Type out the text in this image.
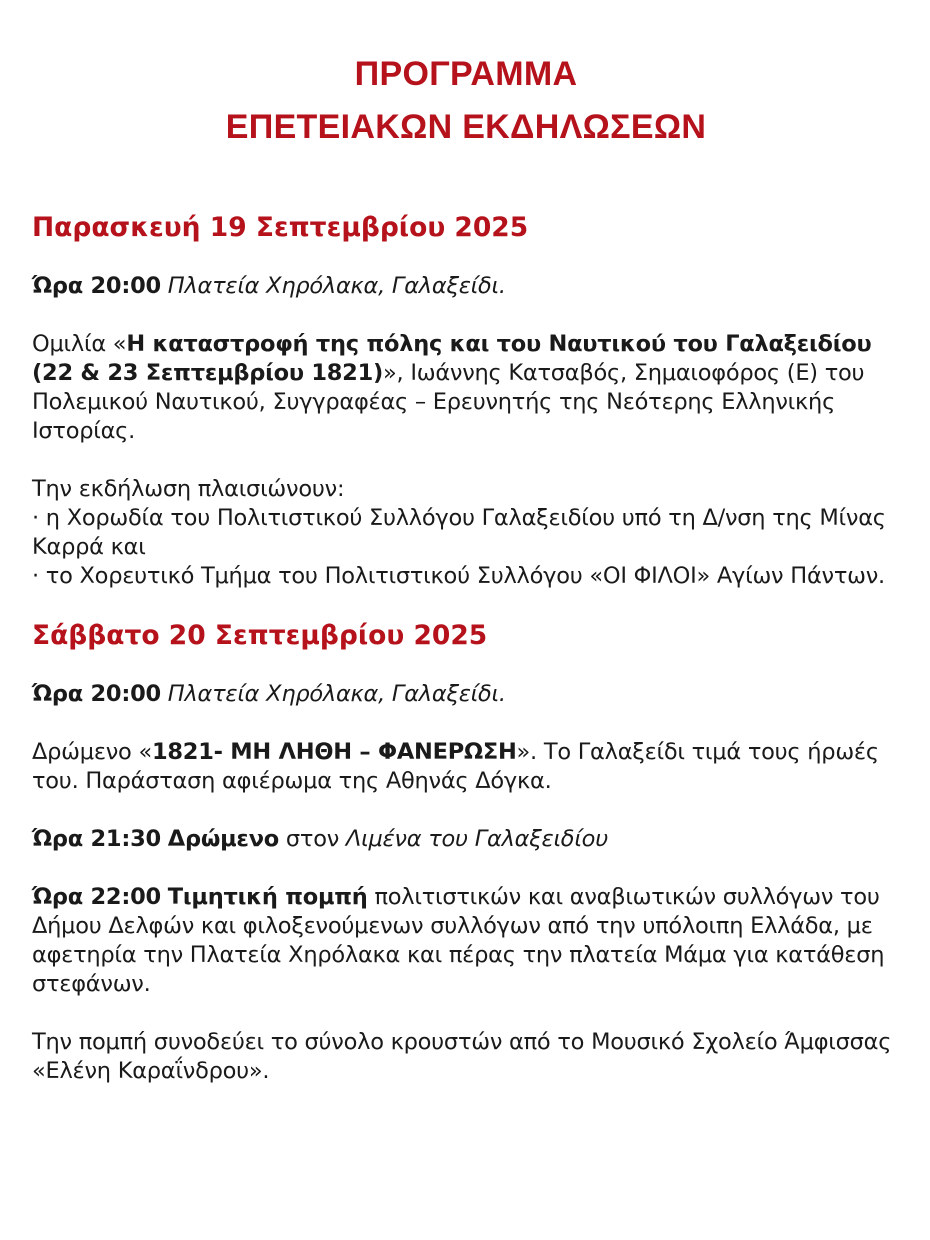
ΠΡΟΓΡΑΜΜΑ
ΕΠΕΤΕΙΑΚΩΝ ΕΚΔΗΛΩΣΕΩΝ
Παρασκευή 19 Σεπτεμβρίου 2025

Ώρα 20:00 Πλατεία Χηρόλακα, Γαλαξείδι.

Ομιλία «Η καταστροφή της πόλης και του Ναυτικού του Γαλαξειδίου (22 & 23 Σεπτεμβρίου 1821)», Ιωάννης Κατσαβός, Σημαιοφόρος (Ε) του Πολεμικού Ναυτικού, Συγγραφέας – Ερευνητής της Νεότερης Ελληνικής Ιστορίας.

Την εκδήλωση πλαισιώνουν:

· η Χορωδία του Πολιτιστικού Συλλόγου Γαλαξειδίου υπό τη Δ/νση της Μίνας Καρρά και

· το Χορευτικό Τμήμα του Πολιτιστικού Συλλόγου «ΟΙ ΦΙΛΟΙ» Αγίων Πάντων.

Σάββατο 20 Σεπτεμβρίου 2025

Ώρα 20:00 Πλατεία Χηρόλακα, Γαλαξείδι.

Δρώμενο «1821- ΜΗ ΛΗΘΗ – ΦΑΝΕΡΩΣΗ». Το Γαλαξείδι τιμά τους ήρωές του. Παράσταση αφιέρωμα της Αθηνάς Δόγκα.

Ώρα 21:30 Δρώμενο στον Λιμένα του Γαλαξειδίου

Ώρα 22:00 Τιμητική πομπή πολιτιστικών και αναβιωτικών συλλόγων του Δήμου Δελφών και φιλοξενούμενων συλλόγων από την υπόλοιπη Ελλάδα, με αφετηρία την Πλατεία Χηρόλακα και πέρας την πλατεία Μάμα για κατάθεση στεφάνων.

Την πομπή συνοδεύει το σύνολο κρουστών από το Μουσικό Σχολείο Άμφισσας «Ελένη Καραΐνδρου».
